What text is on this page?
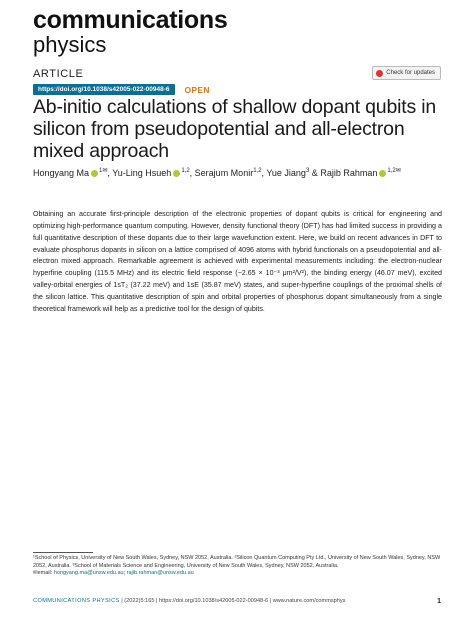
communications
physics
ARTICLE	Check for updates
https://doi.org/10.1038/s42005-022-00948-6	OPEN
Ab-initio calculations of shallow dopant qubits in silicon from pseudopotential and all-electron mixed approach
Hongyang Ma $^{1✉}$, Yu-Ling Hsueh $^{1,2}$, Serajum Monir$^{1,2}$, Yue Jiang$^3$ & Rajib Rahman $^{1,2✉}$

Obtaining an accurate first-principle description of the electronic properties of dopant qubits is critical for engineering and optimizing high-performance quantum computing. However, density functional theory (DFT) has had limited success in providing a full quantitative description of these dopants due to their large wavefunction extent. Here, we build on recent advances in DFT to evaluate phosphorus dopants in silicon on a lattice comprised of 4096 atoms with hybrid functionals on a pseudopotential and all-electron mixed approach. Remarkable agreement is achieved with experimental measurements including: the electron-nuclear hyperfine coupling (115.5 MHz) and its electric field response (−2.65 × 10⁻³ μm²/V²), the binding energy (46.07 meV), excited valley-orbital energies of 1sT₂ (37.22 meV) and 1sE (35.87 meV) states, and super-hyperfine couplings of the proximal shells of the silicon lattice. This quantitative description of spin and orbital properties of phosphorus dopant simultaneously from a single theoretical framework will help as a predictive tool for the design of qubits.

¹School of Physics, University of New South Wales, Sydney, NSW 2052, Australia. ²Silicon Quantum Computing Pty Ltd., University of New South Wales, Sydney, NSW 2052, Australia. ³School of Materials Science and Engineering, University of New South Wales, Sydney, NSW 2052, Australia.

✉email: hongyang.ma@unsw.edu.au; rajib.rahman@unsw.edu.au

COMMUNICATIONS PHYSICS | (2022)5:165 | https://doi.org/10.1038/s42005-022-00948-6 | www.nature.com/commsphys	1
